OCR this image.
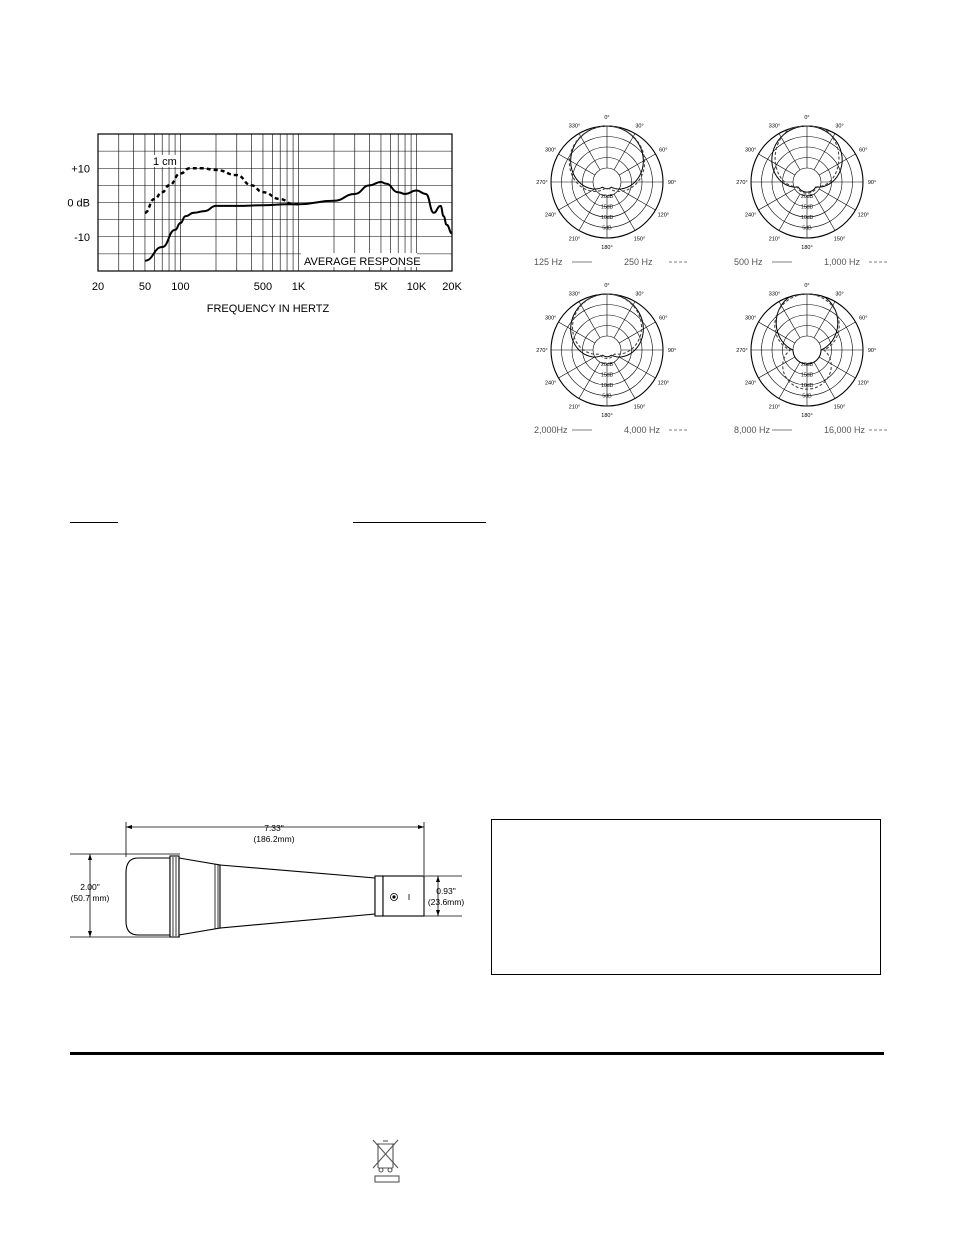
+10
0 dB
-10
20	50 100	500 1K	5K 10K 20K
AVERAGE RESPONSE
1 cm
FREQUENCY IN HERTZ
0°
30°
60°
90°
120°
150°
180°
210°
240°
270°
300°
330°
20dB
15dB
10dB
5dB
125 Hz	250 Hz
0°
30°
60°
90°
120°
150°
180°
210°
240°
270°
300°
330°
20dB
15dB
10dB
5dB
500 Hz	1,000 Hz
0°
30°
60°
90°
120°
150°
180°
210°
240°
270°
300°
330°
20dB
15dB
10dB
5dB
2,000Hz	4,000 Hz
0°
30°
60°
90°
120°
150°
180°
210°
240°
270°
300°
330°
20dB
15dB
10dB
5dB
8,000 Hz	16,000 Hz
7.33"
(186.2mm)
2.00"
(50.7 mm)
0.93"
(23.6mm)
